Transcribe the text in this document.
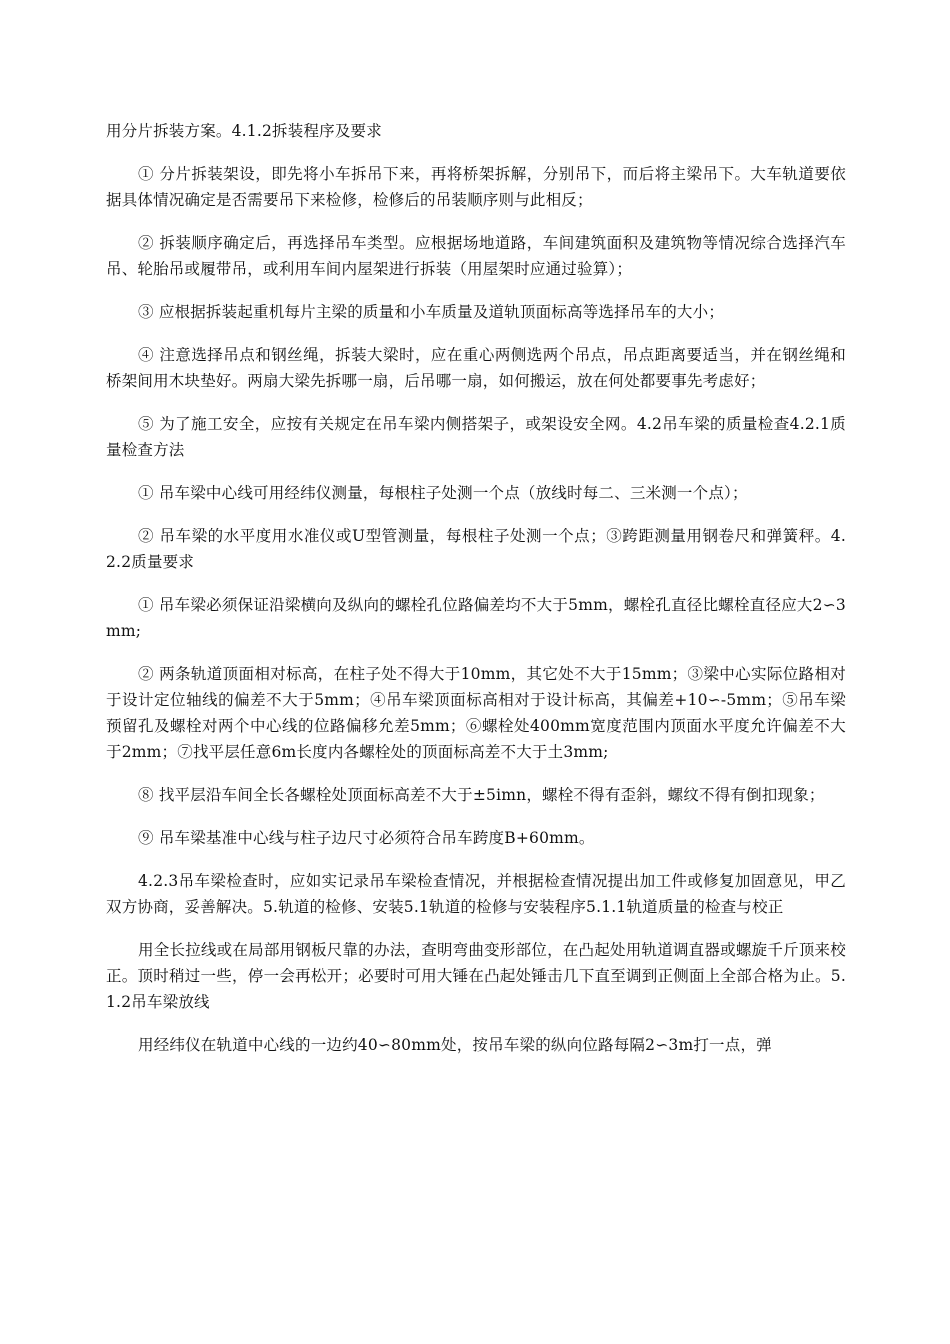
用分片拆装方案。4.1.2拆装程序及要求

① 分片拆装架设，即先将小车拆吊下来，再将桥架拆解，分别吊下，而后将主梁吊下。大车轨道要依据具体情况确定是否需要吊下来检修，检修后的吊装顺序则与此相反；

② 拆装顺序确定后，再选择吊车类型。应根据场地道路，车间建筑面积及建筑物等情况综合选择汽车吊、轮胎吊或履带吊，或利用车间内屋架进行拆装（用屋架时应通过验算）；

③ 应根据拆装起重机每片主梁的质量和小车质量及道轨顶面标高等选择吊车的大小；

④ 注意选择吊点和钢丝绳，拆装大梁时，应在重心两侧选两个吊点，吊点距离要适当，并在钢丝绳和桥架间用木块垫好。两扇大梁先拆哪一扇，后吊哪一扇，如何搬运，放在何处都要事先考虑好；

⑤ 为了施工安全，应按有关规定在吊车梁内侧搭架子，或架设安全网。4.2吊车梁的质量检查4.2.1质量检查方法

① 吊车梁中心线可用经纬仪测量，每根柱子处测一个点（放线时每二、三米测一个点）；

② 吊车梁的水平度用水准仪或U型管测量，每根柱子处测一个点；③跨距测量用钢卷尺和弹簧秤。4.2.2质量要求

① 吊车梁必须保证沿梁横向及纵向的螺栓孔位路偏差均不大于5mm，螺栓孔直径比螺栓直径应大2∽3mm;

② 两条轨道顶面相对标高，在柱子处不得大于10mm，其它处不大于15mm；③梁中心实际位路相对于设计定位轴线的偏差不大于5mm；④吊车梁顶面标高相对于设计标高，其偏差+10∽-5mm；⑤吊车梁预留孔及螺栓对两个中心线的位路偏移允差5mm；⑥螺栓处400mm宽度范围内顶面水平度允许偏差不大于2mm；⑦找平层任意6m长度内各螺栓处的顶面标高差不大于土3mm;

⑧ 找平层沿车间全长各螺栓处顶面标高差不大于±5imn，螺栓不得有歪斜，螺纹不得有倒扣现象；

⑨ 吊车梁基准中心线与柱子边尺寸必须符合吊车跨度B+60mm。

4.2.3吊车梁检查时，应如实记录吊车梁检查情况，并根据检查情况提出加工件或修复加固意见，甲乙双方协商，妥善解决。5.轨道的检修、安装5.1轨道的检修与安装程序5.1.1轨道质量的检查与校正

用全长拉线或在局部用钢板尺靠的办法，查明弯曲变形部位，在凸起处用轨道调直器或螺旋千斤顶来校正。顶时稍过一些，停一会再松开；必要时可用大锤在凸起处锤击几下直至调到正侧面上全部合格为止。5.1.2吊车梁放线

用经纬仪在轨道中心线的一边约40∽80mm处，按吊车梁的纵向位路每隔2∽3m打一点，弹
